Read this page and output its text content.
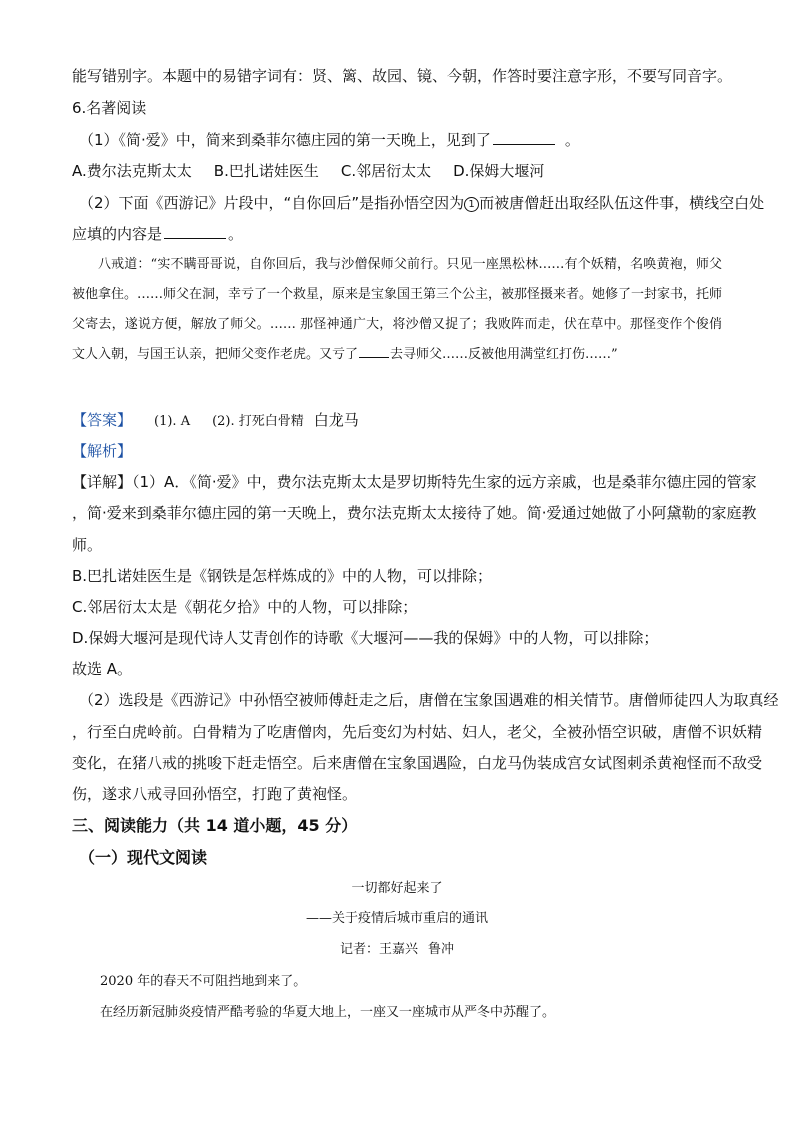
能写错别字。本题中的易错字词有：贤、篱、故园、镜、今朝，作答时要注意字形，不要写同音字。
6.名著阅读
（1）《简·爱》中，简来到桑菲尔德庄园的第一天晚上，见到了	。
A.费尔法克斯太太 B.巴扎诺娃医生 C.邻居衍太太 D.保姆大堰河
（2）下面《西游记》片段中，“自你回后”是指孙悟空因为 1 而被唐僧赶出取经队伍这件事，横线空白处
应填的内容是	。
八戒道：“实不瞒哥哥说，自你回后，我与沙僧保师父前行。只见一座黑松林……有个妖精，名唤黄袍，师父被他拿住。……师父在洞，幸亏了一个救星，原来是宝象国王第三个公主，被那怪摄来者。她修了一封家书，托师父寄去，遂说方便，解放了师父。…… 那怪神通广大，将沙僧又捉了；我败阵而走，伏在草中。那怪变作个俊俏文人入朝，与国王认亲，把师父变作老虎。又亏了 去寻师父……反被他用满堂红打伤……”
【答案】 (1). A (2). 打死白骨精 白龙马
【解析】
【详解】（1）A．《简·爱》中，费尔法克斯太太是罗切斯特先生家的远方亲戚，也是桑菲尔德庄园的管家
，简·爱来到桑菲尔德庄园的第一天晚上，费尔法克斯太太接待了她。简·爱通过她做了小阿黛勒的家庭教
师。
B.巴扎诺娃医生是《钢铁是怎样炼成的》中的人物，可以排除；
C.邻居衍太太是《朝花夕拾》中的人物，可以排除；
D.保姆大堰河是现代诗人艾青创作的诗歌《大堰河——我的保姆》中的人物，可以排除；
故选 A。
（2）选段是《西游记》中孙悟空被师傅赶走之后，唐僧在宝象国遇难的相关情节。唐僧师徒四人为取真经
，行至白虎岭前。白骨精为了吃唐僧肉，先后变幻为村姑、妇人，老父，全被孙悟空识破，唐僧不识妖精
变化，在猪八戒的挑唆下赶走悟空。后来唐僧在宝象国遇险，白龙马伪装成宫女试图刺杀黄袍怪而不敌受
伤，遂求八戒寻回孙悟空，打跑了黄袍怪。
三、阅读能力（共 14 道小题，45 分）
（一）现代文阅读
一切都好起来了
——关于疫情后城市重启的通讯
记者：王嘉兴 鲁冲
2020 年的春天不可阻挡地到来了。
在经历新冠肺炎疫情严酷考验的华夏大地上，一座又一座城市从严冬中苏醒了。
